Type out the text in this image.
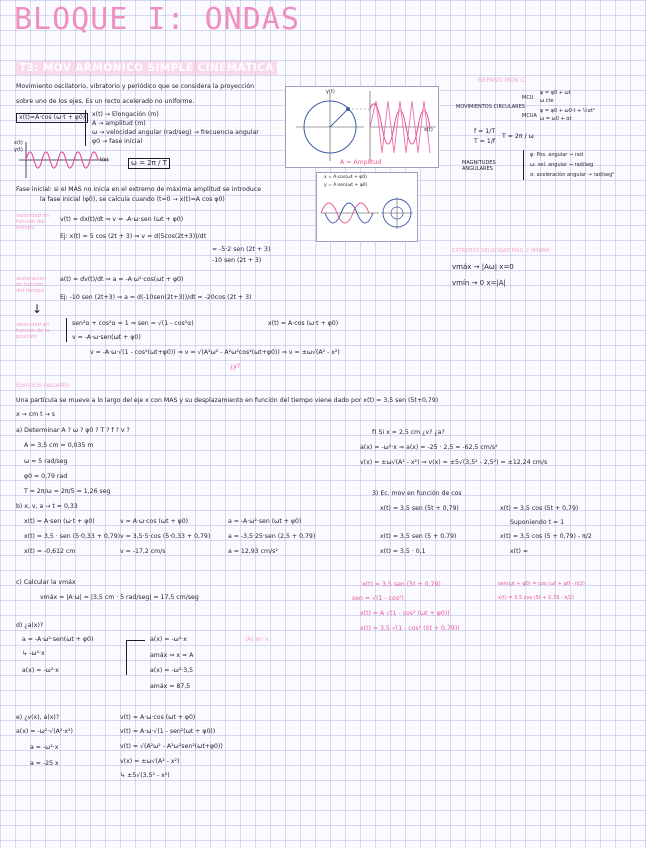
BLOQUE I: ONDAS
T3: MOV ARMÓNICO SIMPLE CINEMÁTICA
Movimiento oscilatorio, vibratorio y periódico que se considera la proyección
sobre uno de los ejes. Es un recto acelerado no uniforme.
x(t)=A·cos (ω·t + φ0)	x(t) → Elongación (m)
A → amplitud (m)
ω → velocidad angular (rad/seg) → frecuencia angular
φ0 → fase inicial
x(t)
y(t)
t(s)	ω = 2π / T
y(t)
x(t)
A = Amplitud
x = A·cos(ωt + φ0)
y = A·sen(ωt + φ0)
REPASO MOV C
MOVIMIENTOS CIRCULARES
MCU
MCUA
φ = φ0 + ωt
ω cte
φ = φ0 + ω0·t + ½αt²
ω = ω0 + αt
f = 1/T
T = 1/f
T = 2π / ω
MAGNITUDES ANGULARES
φ: Pos. angular → rad
ω: vel. angular → rad/seg
α: aceleración angular → rad/seg²
Fase inicial: si el MAS no inicia en el extremo de máxima amplitud se introduce
la fase inicial (φ0), se calcula cuando (t=0 → x(t)=A cos φ0)
velocidad en función del tiempo
v(t) = dx(t)/dt ⇒ v = -A·ω·sen (ωt + φ0)
Ej: x(t) = 5 cos (2t + 3) ⇒ v = d(5cos(2t+3))/dt
= -5·2 sen (2t + 3)
-10 sen (2t + 3)
aceleración en función del tiempo
a(t) = dv(t)/dt ⇒ a = -A·ω²·cos(ωt + φ0)
Ej: -10 sen (2t+3) ⇒ a = d(-10sen(2t+3))/dt = -20cos (2t + 3)
EXTREMOS VELOCIDAD MÁX. Y MÍNIMA
vmáx → |Aω| x=0
vmín → 0 x=|A|
↓
velocidad en función de la posición
sen²α + cos²α = 1 ⇒ sen = √(1 - cos²α)	x(t) = A·cos (ω·t + φ0)
v = -A·ω·sen(ωt + φ0)
v = -A·ω·√(1 - cos²(ωt+φ0)) ⇒ v = √(A²ω² - A²ω²cos²(ωt+φ0)) ⇒ v = ±ω√(A² - x²)
¿y?
Ejercicio resuelto
Una partícula se mueve a lo largo del eje x con MAS y su desplazamiento en función del tiempo viene dado por x(t) = 3,5 sen (5t+0,79)
x → cm t → s
a) Determinar A ? ω ? φ0 ? T ? f ? v ?
A = 3,5 cm = 0,035 m
ω = 5 rad/seg
φ0 = 0,79 rad
T = 2π/ω = 2π/5 = 1,26 seg
b) x, v, a → t = 0,33
x(t) = A·sen (ω·t + φ0)
x(t) = 3,5 · sen (5·0,33 + 0,79)
x(t) = -0,612 cm
v = A·ω·cos (ωt + φ0)
v = 3,5·5·cos (5·0,33 + 0,79)
v = -17,2 cm/s
a = -A·ω²·sen (ωt + φ0)
a = -3,5·25·sen (2,5 + 0,79)
a = 12,93 cm/s²
f) Si x = 2,5 cm ¿v? ¿a?
a(x) = -ω²·x ⇒ a(x) = -25 · 2,5 = -62,5 cm/s²
v(x) = ±ω√(A² - x²) ⇒ v(x) = ±5√(3,5² - 2,5²) = ±12,24 cm/s
3) Ec. mov en función de cos
x(t) = 3,5 sen (5t + 0,79)	x(t) = 3,5 cos (5t + 0,79)
Suponiendo t = 1
x(t) = 3,5 sen (5 + 0,79)	x(t) = 3,5 cos (5 + 0,79) - π/2
x(t) = 3,5 · 0,1	x(t) =
c) Calcular la vmáx
vmáx = |A·ω| = |3,5 cm · 5 rad/seg| = 17,5 cm/seg
x(t) = 3,5 sen (5t + 0,79)
sen = √(1 - cos²)
x(t) = A √(1 - cos² (ωt + φ0))
x(t) = 3,5 √(1 - cos² (5t + 0,79))
sen(ωt + φ0) = cos (ωt + φ0 - π/2)
x(t) = 3,5 cos (5t + 0,79 - π/2)
d) ¿a(x)?
a = -A·ω²·sen(ωt + φ0)
↳ -ω²·x
a(x) = -ω²·x
a(x) = -ω²·x
amáx ⇒ x = A
a(x) = -ω²·3,5
amáx = 87,5
|A| en x
e) ¿v(x), a(x)?
a(x) = -ω²·√(A²·x²)
a = -ω²·x
a = -25 x
v(t) = A·ω·cos (ωt + φ0)
v(t) = A·ω·√(1 - sen²(ωt + φ0))
v(t) = √(A²ω² - A²ω²sen²(ωt+φ0))
v(x) = ±ω√(A² - x²)
↳ ±5√(3,5² - x²)
